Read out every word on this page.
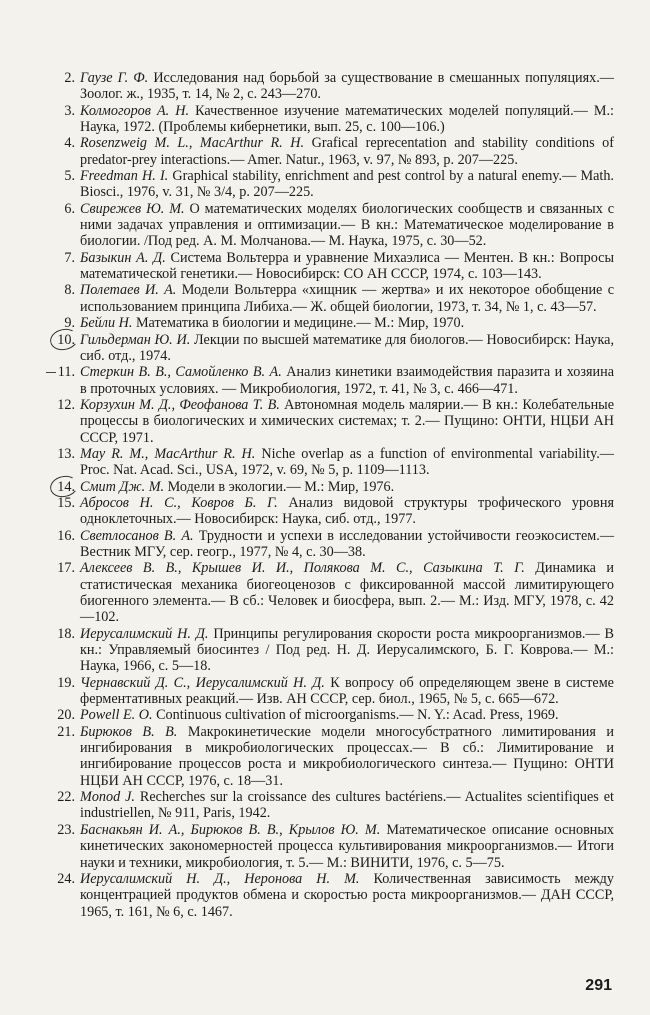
2. Гаузе Г. Ф. Исследования над борьбой за существование в смешанных популяциях.— Зоолог. ж., 1935, т. 14, № 2, с. 243—270.

3. Колмогоров А. Н. Качественное изучение математических моделей популяций.— М.: Наука, 1972. (Проблемы кибернетики, вып. 25, с. 100—106.)

4. Rosenzweig M. L., MacArthur R. H. Grafical reprecentation and stability conditions of predator-prey interactions.— Amer. Natur., 1963, v. 97, № 893, p. 207—225.

5. Freedman H. I. Graphical stability, enrichment and pest control by a natural enemy.— Math. Biosci., 1976, v. 31, № 3/4, p. 207—225.

6. Свирежев Ю. М. О математических моделях биологических сообществ и связанных с ними задачах управления и оптимизации.— В кн.: Математическое моделирование в биологии. /Под ред. А. М. Молчанова.— М. Наука, 1975, с. 30—52.

7. Базыкин А. Д. Система Вольтерра и уравнение Михаэлиса — Ментен. В кн.: Вопросы математической генетики.— Новосибирск: СО АН СССР, 1974, с. 103—143.

8. Полетаев И. А. Модели Вольтерра «хищник — жертва» и их некоторое обобщение с использованием принципа Либиха.— Ж. общей биологии, 1973, т. 34, № 1, с. 43—57.

9. Бейли Н. Математика в биологии и медицине.— М.: Мир, 1970.

10. Гильдерман Ю. И. Лекции по высшей математике для биологов.— Новосибирск: Наука, сиб. отд., 1974.

11. Стеркин В. В., Самойленко В. А. Анализ кинетики взаимодействия паразита и хозяина в проточных условиях. — Микробиология, 1972, т. 41, № 3, с. 466—471.

12. Корзухин М. Д., Феофанова Т. В. Автономная модель малярии.— В кн.: Колебательные процессы в биологических и химических системах; т. 2.— Пущино: ОНТИ, НЦБИ АН СССР, 1971.

13. May R. M., MacArthur R. H. Niche overlap as a function of environmental variability.— Proc. Nat. Acad. Sci., USA, 1972, v. 69, № 5, p. 1109—1113.

14. Смит Дж. М. Модели в экологии.— М.: Мир, 1976.

15. Абросов Н. С., Ковров Б. Г. Анализ видовой структуры трофического уровня одноклеточных.— Новосибирск: Наука, сиб. отд., 1977.

16. Светлосанов В. А. Трудности и успехи в исследовании устойчивости геоэкосистем.— Вестник МГУ, сер. геогр., 1977, № 4, с. 30—38.

17. Алексеев В. В., Крышев И. И., Полякова М. С., Сазыкина Т. Г. Динамика и статистическая механика биогеоценозов с фиксированной массой лимитирующего биогенного элемента.— В сб.: Человек и биосфера, вып. 2.— М.: Изд. МГУ, 1978, с. 42—102.

18. Иерусалимский Н. Д. Принципы регулирования скорости роста микроорганизмов.— В кн.: Управляемый биосинтез / Под ред. Н. Д. Иерусалимского, Б. Г. Коврова.— М.: Наука, 1966, с. 5—18.

19. Чернавский Д. С., Иерусалимский Н. Д. К вопросу об определяющем звене в системе ферментативных реакций.— Изв. АН СССР, сер. биол., 1965, № 5, с. 665—672.

20. Powell E. O. Continuous cultivation of microorganisms.— N. Y.: Acad. Press, 1969.

21. Бирюков В. В. Макрокинетические модели многосубстратного лимитирования и ингибирования в микробиологических процессах.— В сб.: Лимитирование и ингибирование процессов роста и микробиологического синтеза.— Пущино: ОНТИ НЦБИ АН СССР, 1976, с. 18—31.

22. Monod J. Recherches sur la croissance des cultures bactériens.— Actualites scientifiques et industriellen, № 911, Paris, 1942.

23. Баснакьян И. А., Бирюков В. В., Крылов Ю. М. Математическое описание основных кинетических закономерностей процесса культивирования микроорганизмов.— Итоги науки и техники, микробиология, т. 5.— М.: ВИНИТИ, 1976, с. 5—75.

24. Иерусалимский Н. Д., Неронова Н. М. Количественная зависимость между концентрацией продуктов обмена и скоростью роста микроорганизмов.— ДАН СССР, 1965, т. 161, № 6, с. 1467.

291
